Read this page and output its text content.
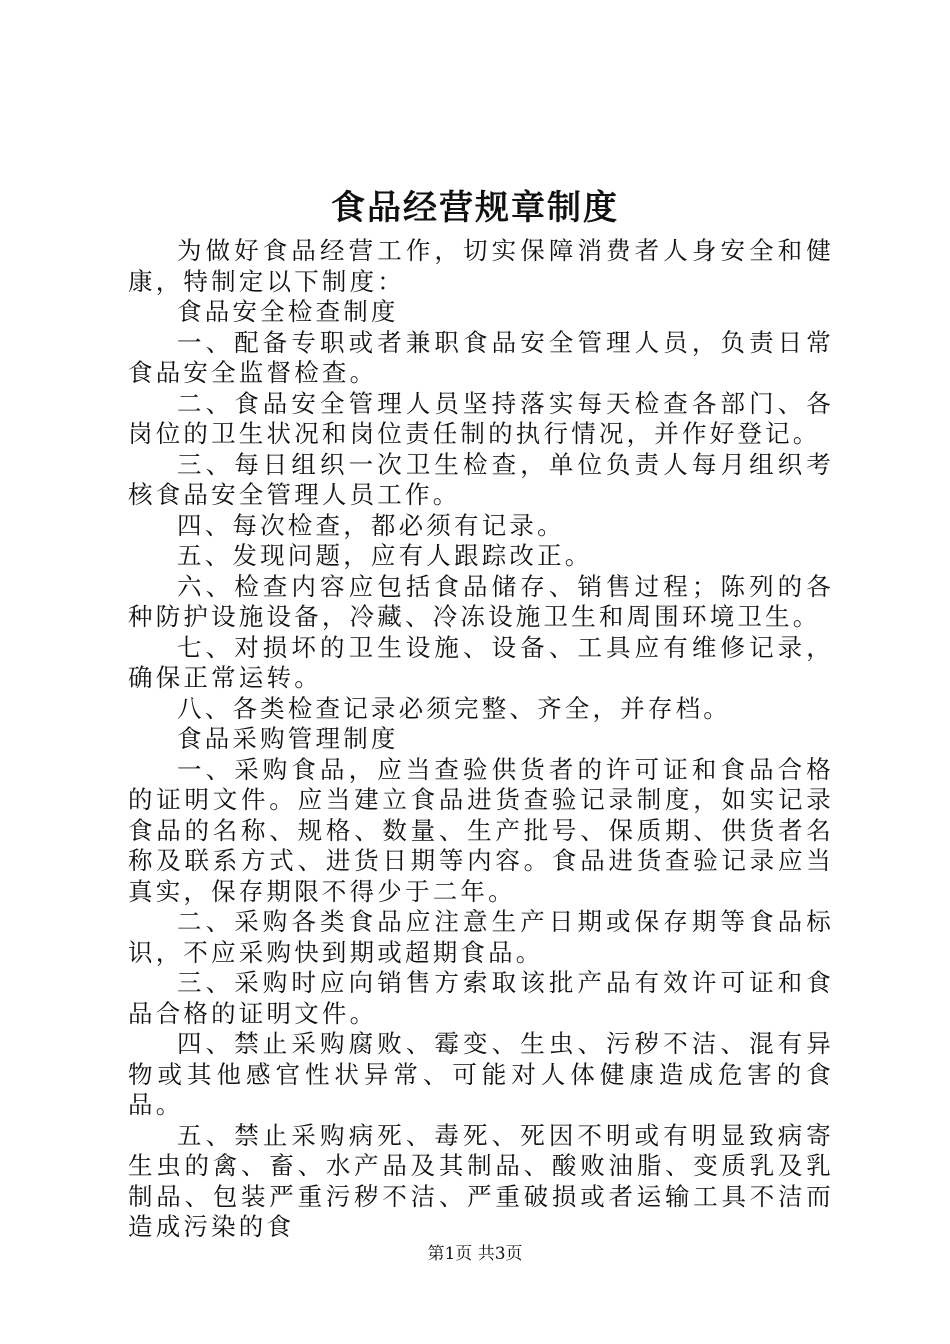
食品经营规章制度

为做好食品经营工作，切实保障消费者人身安全和健康，特制定以下制度：

食品安全检查制度

一、配备专职或者兼职食品安全管理人员，负责日常食品安全监督检查。

二、食品安全管理人员坚持落实每天检查各部门、各岗位的卫生状况和岗位责任制的执行情况，并作好登记。

三、每日组织一次卫生检查，单位负责人每月组织考核食品安全管理人员工作。

四、每次检查，都必须有记录。

五、发现问题，应有人跟踪改正。

六、检查内容应包括食品储存、销售过程；陈列的各种防护设施设备，冷藏、冷冻设施卫生和周围环境卫生。

七、对损坏的卫生设施、设备、工具应有维修记录，确保正常运转。

八、各类检查记录必须完整、齐全，并存档。

食品采购管理制度

一、采购食品，应当查验供货者的许可证和食品合格的证明文件。应当建立食品进货查验记录制度，如实记录食品的名称、规格、数量、生产批号、保质期、供货者名称及联系方式、进货日期等内容。食品进货查验记录应当真实，保存期限不得少于二年。

二、采购各类食品应注意生产日期或保存期等食品标识，不应采购快到期或超期食品。

三、采购时应向销售方索取该批产品有效许可证和食品合格的证明文件。

四、禁止采购腐败、霉变、生虫、污秽不洁、混有异物或其他感官性状异常、可能对人体健康造成危害的食品。

五、禁止采购病死、毒死、死因不明或有明显致病寄生虫的禽、畜、水产品及其制品、酸败油脂、变质乳及乳制品、包装严重污秽不洁、严重破损或者运输工具不洁而造成污染的食

第1页 共3页
